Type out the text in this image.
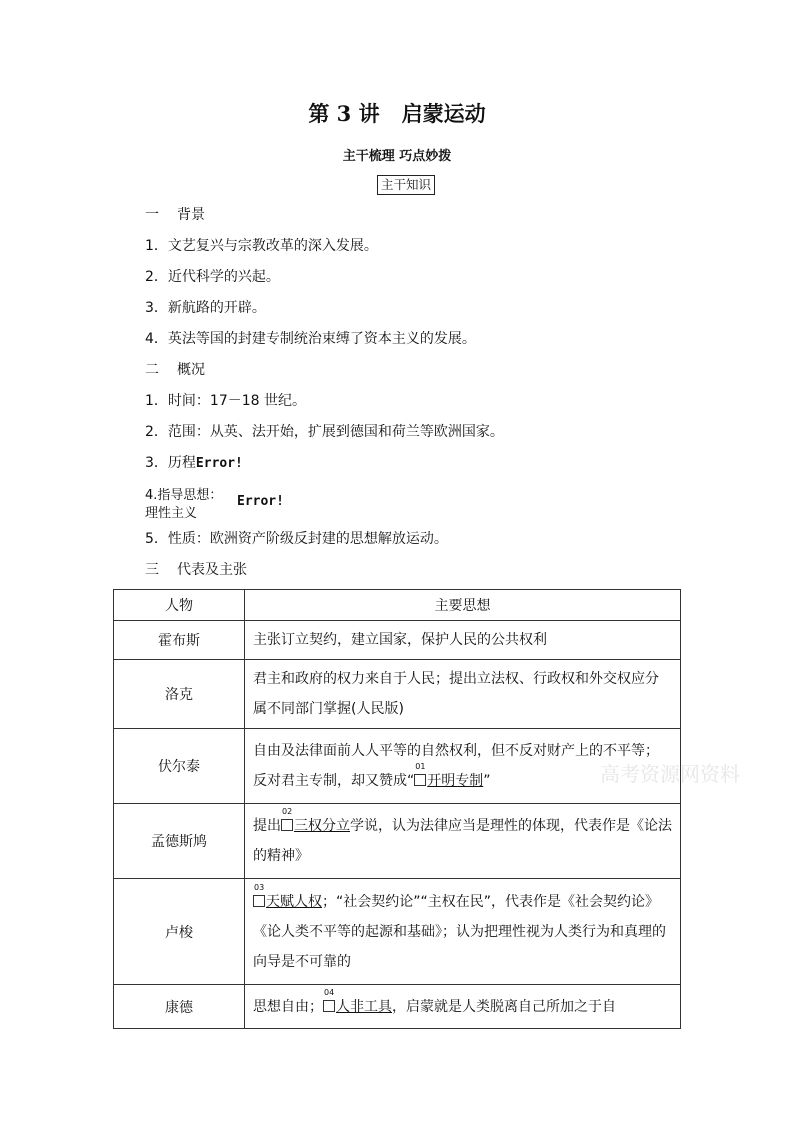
第 3 讲 启蒙运动
主干梳理 巧点妙拨
主干知识
一 背景
1．文艺复兴与宗教改革的深入发展。
2．近代科学的兴起。
3．新航路的开辟。
4．英法等国的封建专制统治束缚了资本主义的发展。
二 概况
1．时间：17－18 世纪。
2．范围：从英、法开始，扩展到德国和荷兰等欧洲国家。
3．历程Error!
4.指导思想：
理性主义
Error!
5．性质：欧洲资产阶级反封建的思想解放运动。
三 代表及主张
人物	主要思想
霍布斯	主张订立契约，建立国家，保护人民的公共权利
洛克	君主和政府的权力来自于人民；提出立法权、行政权和外交权应分属不同部门掌握(人民版)
伏尔泰	自由及法律面前人人平等的自然权利，但不反对财产上的不平等；反对君主专制，却又赞成“
01
开明专制”
孟德斯鸠	提出
02
三权分立学说，认为法律应当是理性的体现，代表作是《论法的精神》
卢梭	03
天赋人权；“社会契约论”“主权在民”，代表作是《社会契约论》《论人类不平等的起源和基础》；认为把理性视为人类行为和真理的向导是不可靠的
康德	思想自由；
04
人非工具，启蒙就是人类脱离自己所加之于自
高考资源网资料
